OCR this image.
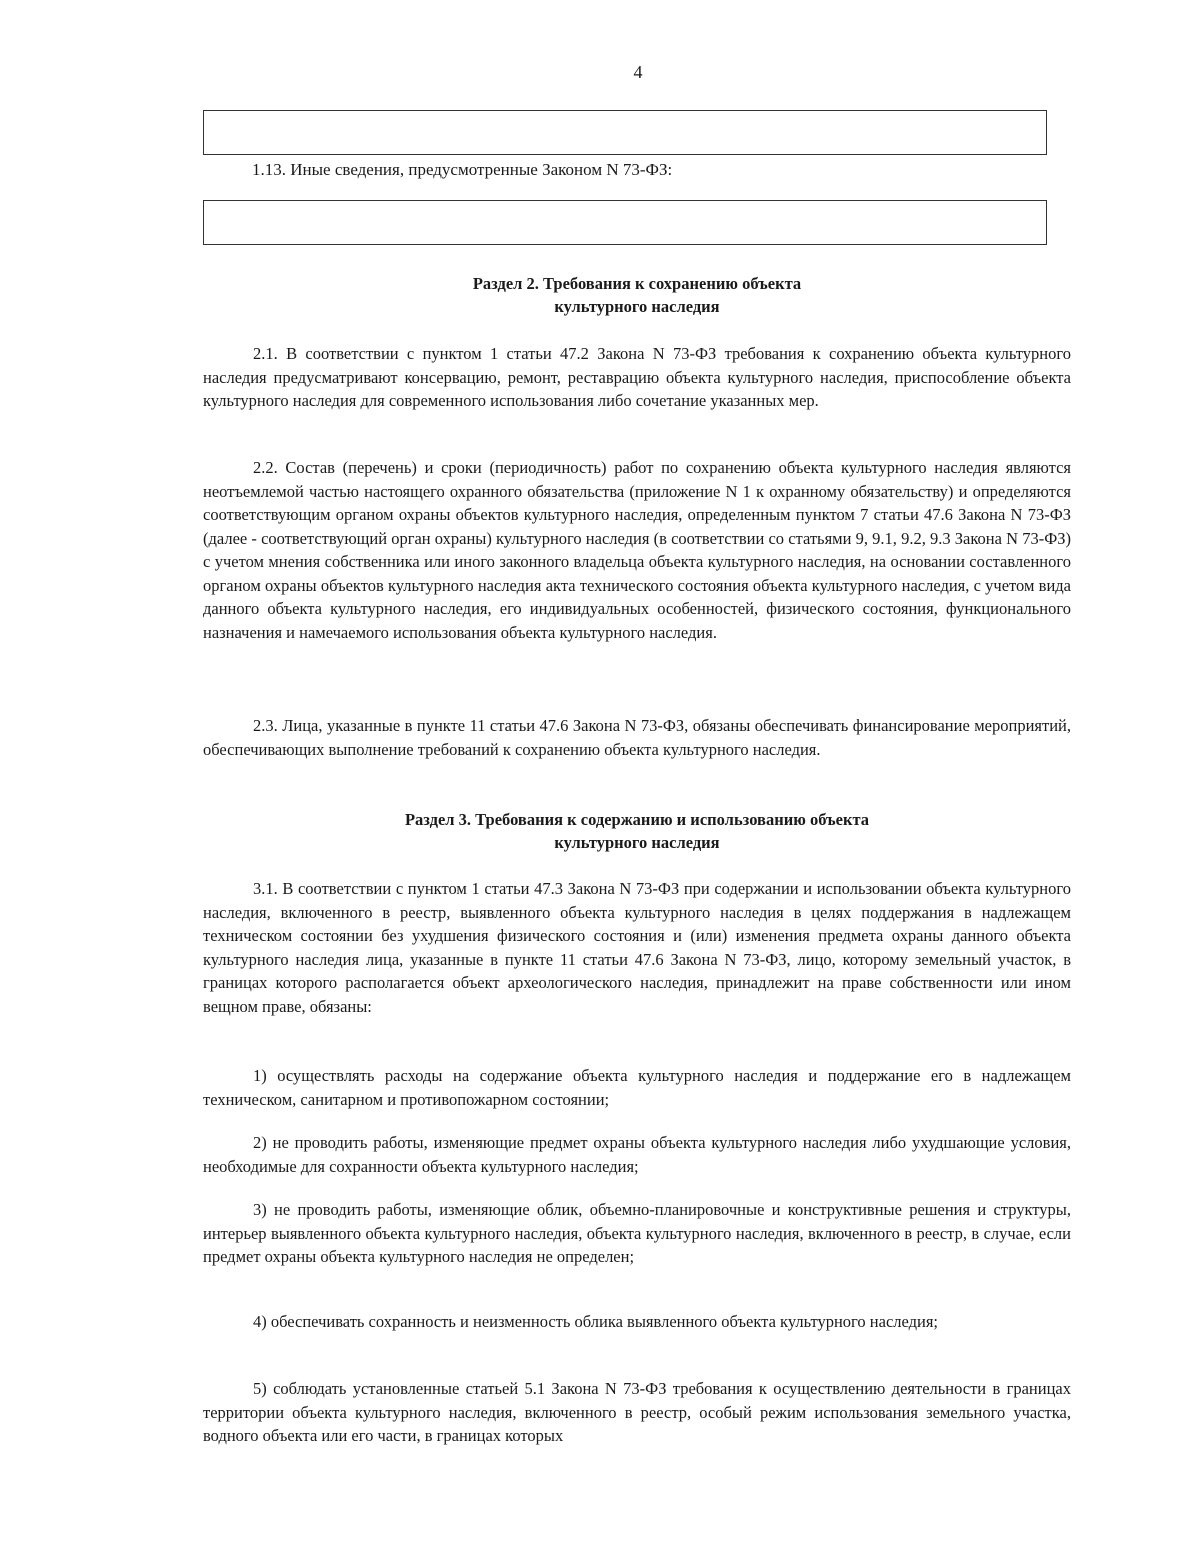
4
1.13. Иные сведения, предусмотренные Законом N 73-ФЗ:
Раздел 2. Требования к сохранению объекта
культурного наследия

2.1. В соответствии с пунктом 1 статьи 47.2 Закона N 73-ФЗ требования к сохранению объекта культурного наследия предусматривают консервацию, ремонт, реставрацию объекта культурного наследия, приспособление объекта культурного наследия для современного использования либо сочетание указанных мер.

2.2. Состав (перечень) и сроки (периодичность) работ по сохранению объекта культурного наследия являются неотъемлемой частью настоящего охранного обязательства (приложение N 1 к охранному обязательству) и определяются соответствующим органом охраны объектов культурного наследия, определенным пунктом 7 статьи 47.6 Закона N 73-ФЗ (далее - соответствующий орган охраны) культурного наследия (в соответствии со статьями 9, 9.1, 9.2, 9.3 Закона N 73-ФЗ) с учетом мнения собственника или иного законного владельца объекта культурного наследия, на основании составленного органом охраны объектов культурного наследия акта технического состояния объекта культурного наследия, с учетом вида данного объекта культурного наследия, его индивидуальных особенностей, физического состояния, функционального назначения и намечаемого использования объекта культурного наследия.

2.3. Лица, указанные в пункте 11 статьи 47.6 Закона N 73-ФЗ, обязаны обеспечивать финансирование мероприятий, обеспечивающих выполнение требований к сохранению объекта культурного наследия.

Раздел 3. Требования к содержанию и использованию объекта
культурного наследия

3.1. В соответствии с пунктом 1 статьи 47.3 Закона N 73-ФЗ при содержании и использовании объекта культурного наследия, включенного в реестр, выявленного объекта культурного наследия в целях поддержания в надлежащем техническом состоянии без ухудшения физического состояния и (или) изменения предмета охраны данного объекта культурного наследия лица, указанные в пункте 11 статьи 47.6 Закона N 73-ФЗ, лицо, которому земельный участок, в границах которого располагается объект археологического наследия, принадлежит на праве собственности или ином вещном праве, обязаны:

1) осуществлять расходы на содержание объекта культурного наследия и поддержание его в надлежащем техническом, санитарном и противопожарном состоянии;

2) не проводить работы, изменяющие предмет охраны объекта культурного наследия либо ухудшающие условия, необходимые для сохранности объекта культурного наследия;

3) не проводить работы, изменяющие облик, объемно-планировочные и конструктивные решения и структуры, интерьер выявленного объекта культурного наследия, объекта культурного наследия, включенного в реестр, в случае, если предмет охраны объекта культурного наследия не определен;

4) обеспечивать сохранность и неизменность облика выявленного объекта культурного наследия;

5) соблюдать установленные статьей 5.1 Закона N 73-ФЗ требования к осуществлению деятельности в границах территории объекта культурного наследия, включенного в реестр, особый режим использования земельного участка, водного объекта или его части, в границах которых
